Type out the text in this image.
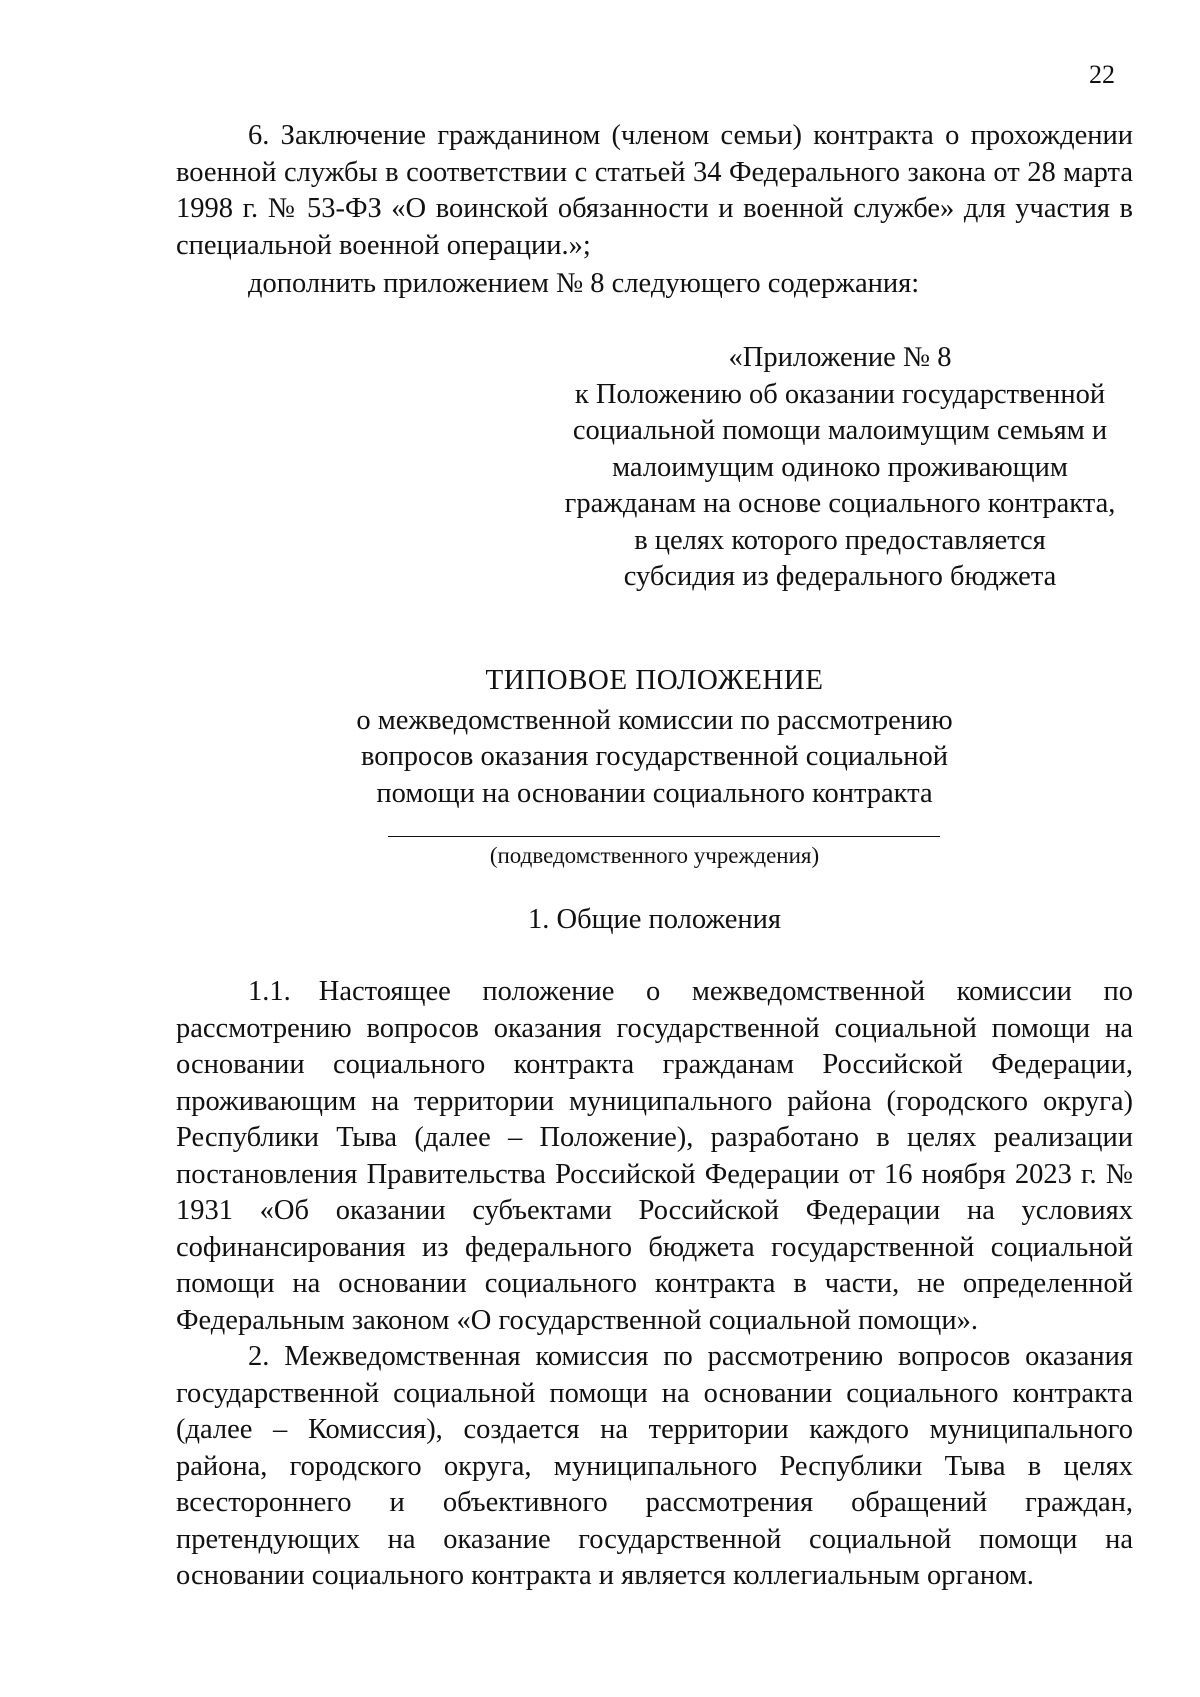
22

6. Заключение гражданином (членом семьи) контракта о прохождении военной службы в соответствии с статьей 34 Федерального закона от 28 марта 1998 г. № 53-ФЗ «О воинской обязанности и военной службе» для участия в специальной военной операции.»;

дополнить приложением № 8 следующего содержания:
«Приложение № 8
к Положению об оказании государственной
социальной помощи малоимущим семьям и
малоимущим одиноко проживающим
гражданам на основе социального контракта,
в целях которого предоставляется
субсидия из федерального бюджета
ТИПОВОЕ ПОЛОЖЕНИЕ
о межведомственной комиссии по рассмотрению
вопросов оказания государственной социальной
помощи на основании социального контракта
(подведомственного учреждения)
1. Общие положения

1.1. Настоящее положение о межведомственной комиссии по рассмотрению вопросов оказания государственной социальной помощи на основании социального контракта гражданам Российской Федерации, проживающим на территории муниципального района (городского округа) Республики Тыва (далее – Положение), разработано в целях реализации постановления Правительства Российской Федерации от 16 ноября 2023 г. № 1931 «Об оказании субъектами Российской Федерации на условиях софинансирования из федерального бюджета государственной социальной помощи на основании социального контракта в части, не определенной Федеральным законом «О государственной социальной помощи».

2. Межведомственная комиссия по рассмотрению вопросов оказания государственной социальной помощи на основании социального контракта (далее – Комиссия), создается на территории каждого муниципального района, городского округа, муниципального Республики Тыва в целях всестороннего и объективного рассмотрения обращений граждан, претендующих на оказание государственной социальной помощи на основании социального контракта и является коллегиальным органом.
